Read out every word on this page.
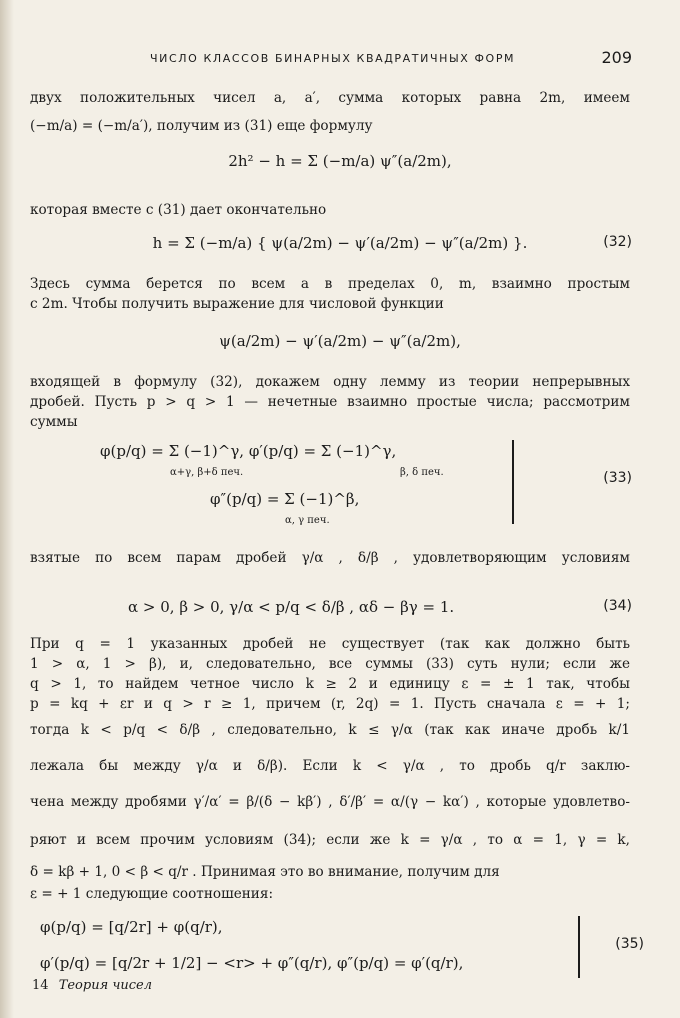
ЧИСЛО КЛАССОВ БИНАРНЫХ КВАДРАТИЧНЫХ ФОРМ	209
двух положительных чисел a, a′, сумма которых равна 2m, имеем
(−m/a) = (−m/a′), получим из (31) еще формулу
2h² − h = Σ (−m/a) ψ″(a/2m),
которая вместе с (31) дает окончательно
h = Σ (−m/a) { ψ(a/2m) − ψ′(a/2m) − ψ″(a/2m) }.	(32)
Здесь сумма берется по всем a в пределах 0, m, взаимно простым
с 2m. Чтобы получить выражение для числовой функции
ψ(a/2m) − ψ′(a/2m) − ψ″(a/2m),
входящей в формулу (32), докажем одну лемму из теории непрерывных
дробей. Пусть p > q > 1 — нечетные взаимно простые числа; рассмотрим
суммы
φ(p/q) = Σ (−1)^γ, φ′(p/q) = Σ (−1)^γ,
α+γ, β+δ печ.	β, δ печ.
φ″(p/q) = Σ (−1)^β,
α, γ печ.
(33)
взятые по всем парам дробей γ/α , δ/β , удовлетворяющим условиям
α > 0, β > 0, γ/α < p/q < δ/β , αδ − βγ = 1.	(34)
При q = 1 указанных дробей не существует (так как должно быть
1 > α, 1 > β), и, следовательно, все суммы (33) суть нули; если же
q > 1, то найдем четное число k ≥ 2 и единицу ε = ± 1 так, чтобы
p = kq + εr и q > r ≥ 1, причем (r, 2q) = 1. Пусть сначала ε = + 1;
тогда k < p/q < δ/β , следовательно, k ≤ γ/α (так как иначе дробь k/1
лежала бы между γ/α и δ/β). Если k < γ/α , то дробь q/r заклю-
чена между дробями γ′/α′ = β/(δ − kβ′) , δ′/β′ = α/(γ − kα′) , которые удовлетво-
ряют и всем прочим условиям (34); если же k = γ/α , то α = 1, γ = k,
δ = kβ + 1, 0 < β < q/r . Принимая это во внимание, получим для
ε = + 1 следующие соотношения:
φ(p/q) = [q/2r] + φ(q/r),
φ′(p/q) = [q/2r + 1/2] − <r> + φ″(q/r), φ″(p/q) = φ′(q/r),
(35)
14 Теория чисел
